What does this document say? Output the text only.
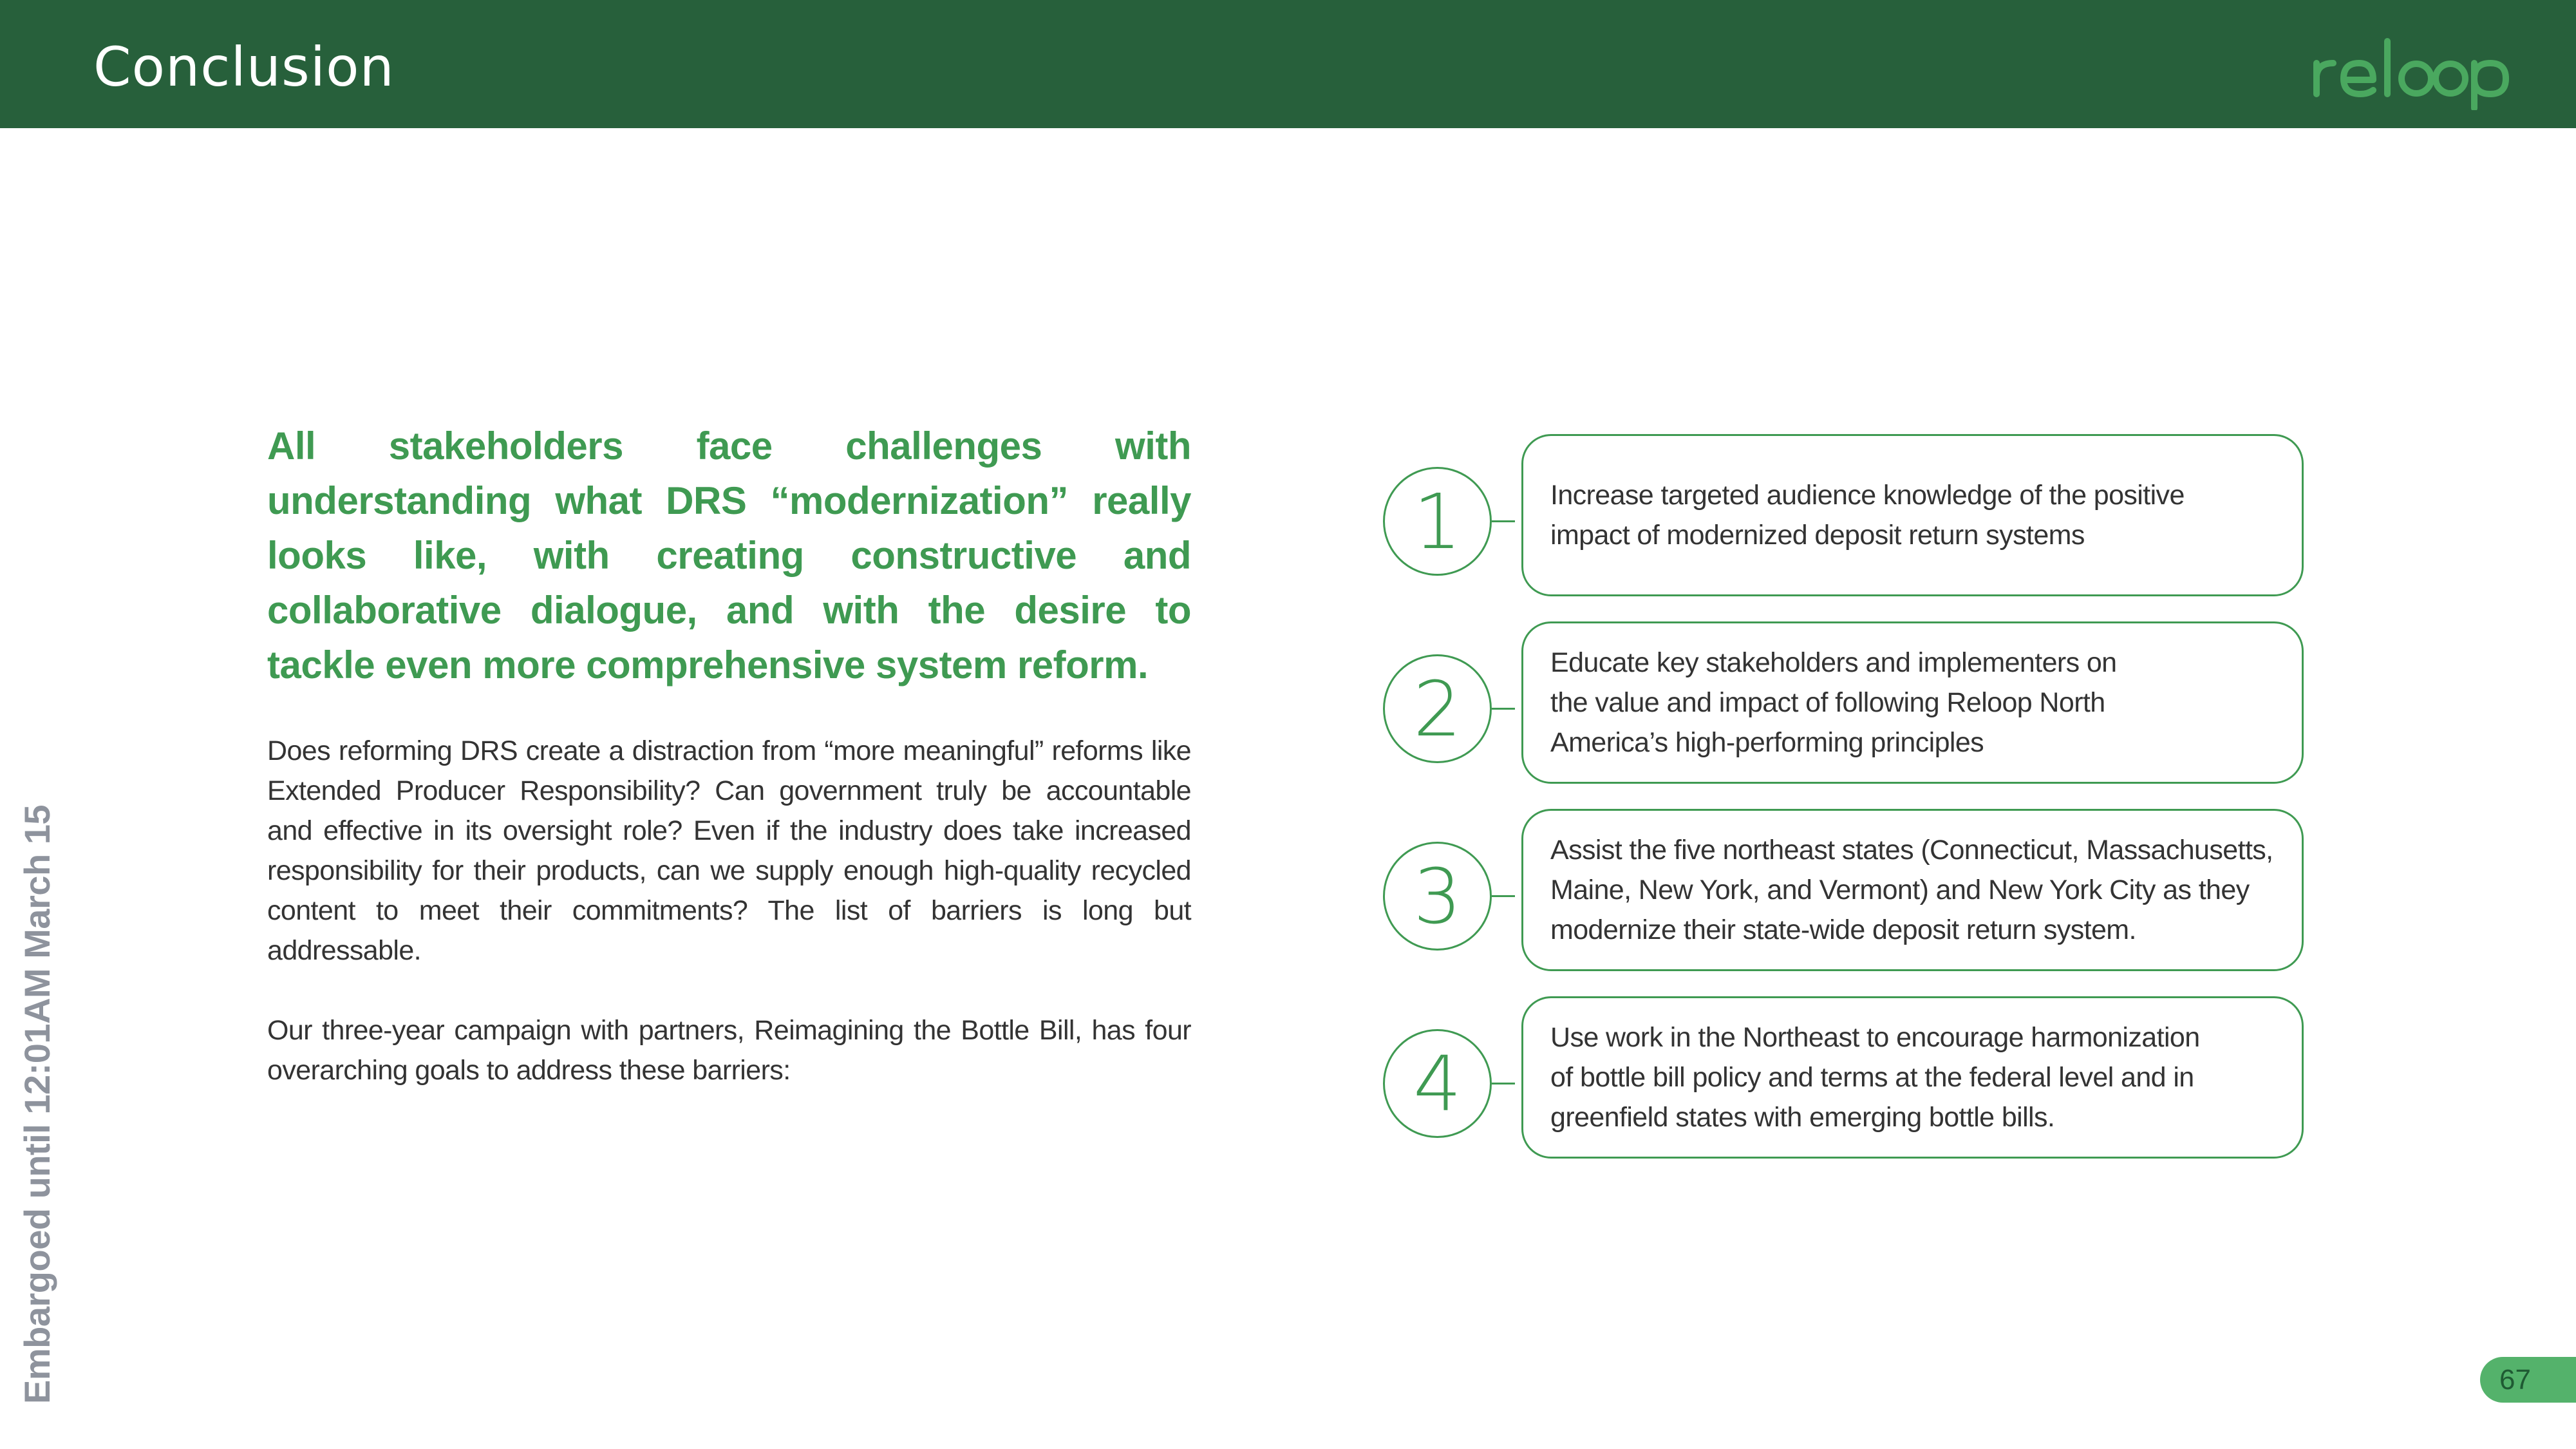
Conclusion

All stakeholders face challenges with understanding what DRS “modernization” really looks like, with creating constructive and collaborative dialogue, and with the desire to tackle even more comprehensive system reform.

Does reforming DRS create a distraction from “more meaningful” reforms like Extended Producer Responsibility? Can government truly be accountable and effective in its oversight role? Even if the industry does take increased responsibility for their products, can we supply enough high-quality recycled content to meet their commitments? The list of barriers is long but addressable.

Our three-year campaign with partners, Reimagining the Bottle Bill, has four overarching goals to address these barriers:

1	Increase targeted audience knowledge of the positive impact of modernized deposit return systems
2
Educate key stakeholders and implementers on the value and impact of following Reloop North America’s high-performing principles
3
Assist the five northeast states (Connecticut, Massachusetts, Maine, New York, and Vermont) and New York City as they modernize their state-wide deposit return system.
4
Use work in the Northeast to encourage harmonization of bottle bill policy and terms at the federal level and in greenfield states with emerging bottle bills.
Embargoed until 12:01AM March 15	67
